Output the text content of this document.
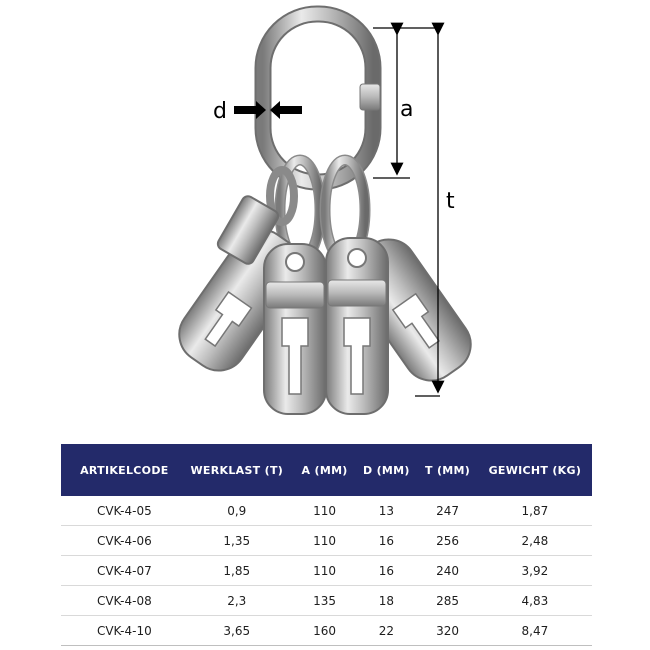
d	a
t
ARTIKELCODE	WERKLAST (T)	A (MM)	D (MM)	T (MM)	GEWICHT (KG)
CVK-4-05	0,9	110	13	247	1,87
CVK-4-06	1,35	110	16	256	2,48
CVK-4-07	1,85	110	16	240	3,92
CVK-4-08	2,3	135	18	285	4,83
CVK-4-10	3,65	160	22	320	8,47
